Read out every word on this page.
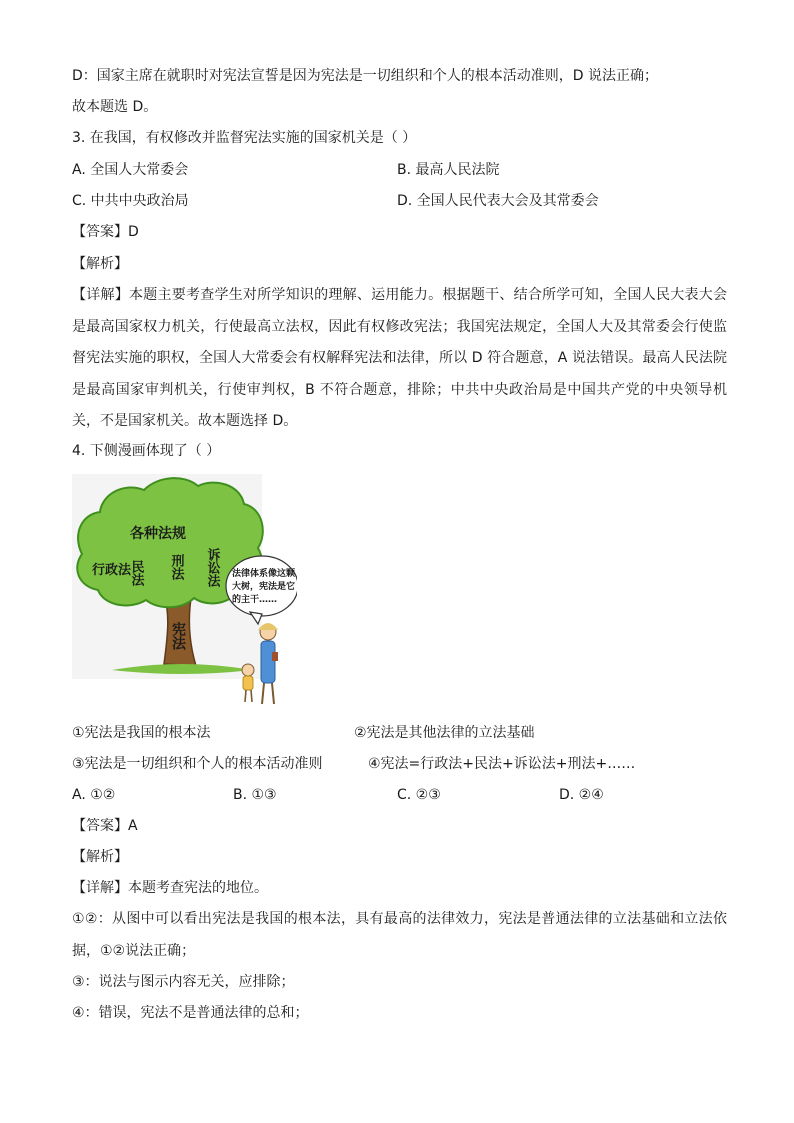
D：国家主席在就职时对宪法宣誓是因为宪法是一切组织和个人的根本活动准则，D 说法正确；
故本题选 D。
3. 在我国，有权修改并监督宪法实施的国家机关是（ ）
A. 全国人大常委会	B. 最高人民法院
C. 中共中央政治局	D. 全国人民代表大会及其常委会
【答案】D
【解析】
【详解】本题主要考查学生对所学知识的理解、运用能力。根据题干、结合所学可知，全国人民大表大会是最高国家权力机关，行使最高立法权，因此有权修改宪法；我国宪法规定，全国人大及其常委会行使监督宪法实施的职权，全国人大常委会有权解释宪法和法律，所以 D 符合题意，A 说法错误。最高人民法院是最高国家审判机关，行使审判权，B 不符合题意，排除；中共中央政治局是中国共产党的中央领导机关，不是国家机关。故本题选择 D。
4. 下侧漫画体现了（ ）
各种法规
行政法
民法 刑法 诉讼法
宪法
法律体系像这颗
大树，宪法是它
的主干……
①宪法是我国的根本法	②宪法是其他法律的立法基础
③宪法是一切组织和个人的根本活动准则	④宪法=行政法+民法+诉讼法+刑法+……
A. ①②	B. ①③	C. ②③	D. ②④
【答案】A
【解析】
【详解】本题考查宪法的地位。
①②：从图中可以看出宪法是我国的根本法，具有最高的法律效力，宪法是普通法律的立法基础和立法依据，①②说法正确；
③：说法与图示内容无关，应排除；
④：错误，宪法不是普通法律的总和；
